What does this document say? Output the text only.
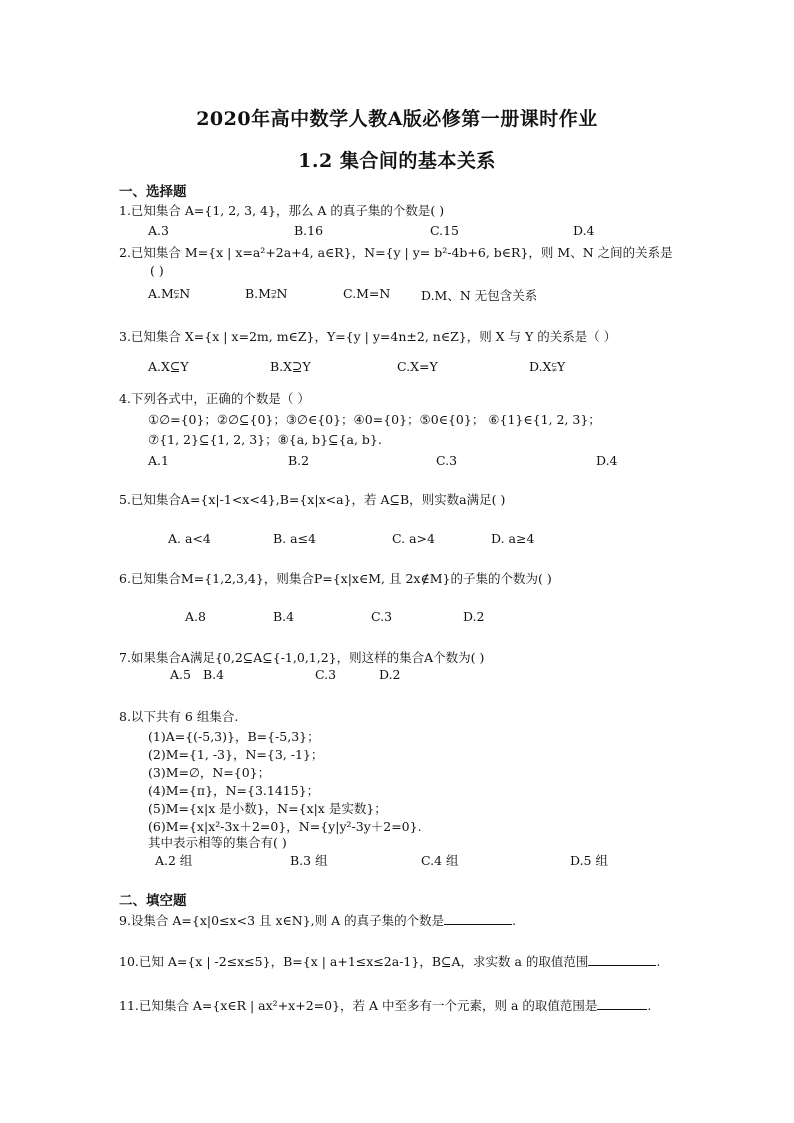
2020年高中数学人教A版必修第一册课时作业
1.2 集合间的基本关系
一、选择题
1.已知集合 A={1, 2, 3, 4}，那么 A 的真子集的个数是( )
A.3	B.16	C.15	D.4
2.已知集合 M={x | x=a²+2a+4, a∈R}，N={y | y= b²-4b+6, b∈R}，则 M、N 之间的关系是
( )
A.M⫋N	B.M⫌N	C.M=N D.M、N 无包含关系
3.已知集合 X={x | x=2m, m∈Z}，Y={y | y=4n±2, n∈Z}，则 X 与 Y 的关系是（ ）
A.X⊆Y	B.X⊇Y	C.X=Y	D.X⫋Y
4.下列各式中，正确的个数是（ ）
①∅={0}；②∅⊆{0}；③∅∈{0}；④0={0}；⑤0∈{0}； ⑥{1}∈{1, 2, 3}；
⑦{1, 2}⊆{1, 2, 3}；⑧{a, b}⊆{a, b}.
A.1	B.2	C.3	D.4
5.已知集合A={x|-1<x<4},B={x|x<a}，若 A⊆B，则实数a满足( )
A. a<4	B. a≤4	C. a>4	D. a≥4
6.已知集合M={1,2,3,4}，则集合P={x|x∈M, 且 2x∉M}的子集的个数为( )
A.8	B.4	C.3	D.2
7.如果集合A满足{0,2⊆A⊆{-1,0,1,2}，则这样的集合A个数为( )
A.5 B.4	C.3	D.2
8.以下共有 6 组集合.
(1)A={(-5,3)}，B={-5,3}；
(2)M={1, -3}，N={3, -1}；
(3)M=∅，N={0}；
(4)M={π}，N={3.1415}；
(5)M={x|x 是小数}，N={x|x 是实数}；
(6)M={x|x²-3x＋2=0}，N={y|y²-3y＋2=0}.
其中表示相等的集合有( )
A.2 组	B.3 组	C.4 组	D.5 组
二、填空题
9.设集合 A={x|0≤x<3 且 x∈N},则 A 的真子集的个数是	.
10.已知 A={x | -2≤x≤5}，B={x | a+1≤x≤2a-1}，B⊆A，求实数 a 的取值范围	.
11.已知集合 A={x∈R | ax²+x+2=0}，若 A 中至多有一个元素，则 a 的取值范围是	.
